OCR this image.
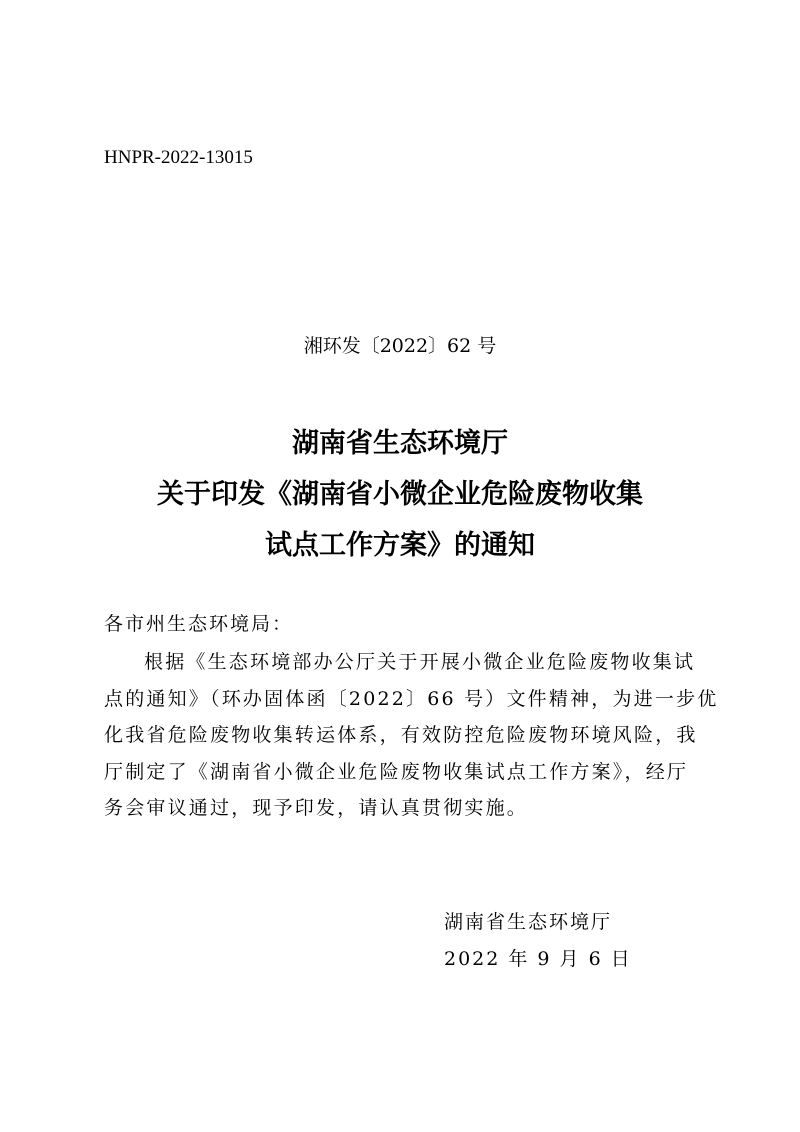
HNPR-2022-13015
湘环发〔2022〕62 号
湖南省生态环境厅
关于印发《湖南省小微企业危险废物收集
试点工作方案》的通知
各市州生态环境局：
根据《生态环境部办公厅关于开展小微企业危险废物收集试
点的通知》（环办固体函〔2022〕66 号）文件精神，为进一步优
化我省危险废物收集转运体系，有效防控危险废物环境风险，我
厅制定了《湖南省小微企业危险废物收集试点工作方案》，经厅
务会审议通过，现予印发，请认真贯彻实施。
湖南省生态环境厅
2022 年 9 月 6 日
